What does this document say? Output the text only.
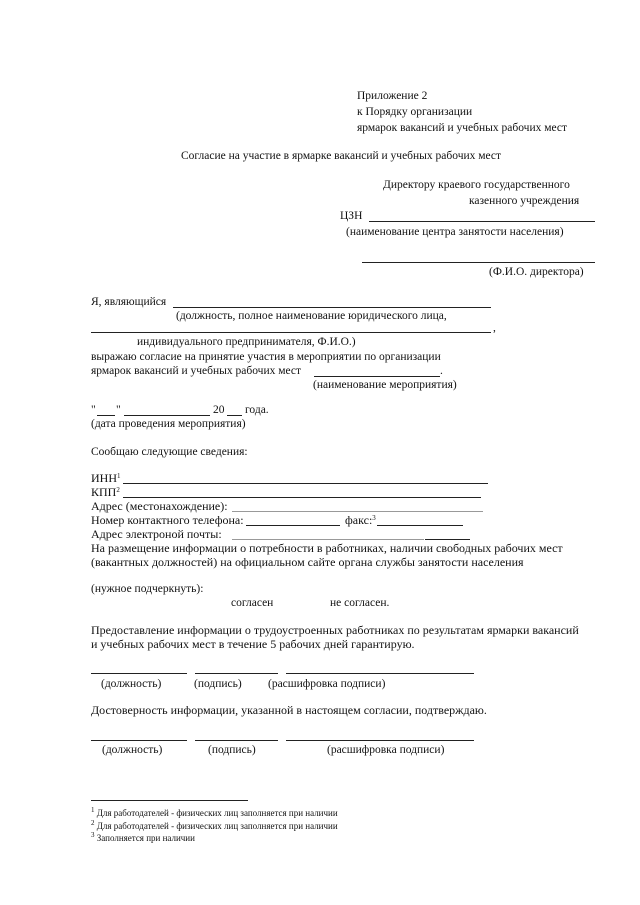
Приложение 2
к Порядку организации
ярмарок вакансий и учебных рабочих мест
Согласие на участие в ярмарке вакансий и учебных рабочих мест
Директору краевого государственного
казенного учреждения
ЦЗН
(наименование центра занятости населения)
(Ф.И.О. директора)
Я, являющийся
(должность, полное наименование юридического лица,
,
индивидуального предпринимателя, Ф.И.О.)
выражаю согласие на принятие участия в мероприятии по организации
ярмарок вакансий и учебных рабочих мест	.
(наименование мероприятия)
" "	20 года.
(дата проведения мероприятия)
Сообщаю следующие сведения:
ИНН$^1$
КПП$^2$
Адрес (местонахождение):
Номер контактного телефона:	факс:$^3$
Адрес электроной почты:
На размещение информации о потребности в работниках, наличии свободных рабочих мест
(вакантных должностей) на официальном сайте органа службы занятости населения
(нужное подчеркнуть):
согласен	не согласен.
Предоставление информации о трудоустроенных работниках по результатам ярмарки вакансий
и учебных рабочих мест в течение 5 рабочих дней гарантирую.
(должность)	(подпись) (расшифровка подписи)
Достоверность информации, указанной в настоящем согласии, подтверждаю.
(должность)	(подпись)	(расшифровка подписи)
$^1$ Для работодателей - физических лиц заполняется при наличии
$^2$ Для работодателей - физических лиц заполняется при наличии
$^3$ Заполняется при наличии
